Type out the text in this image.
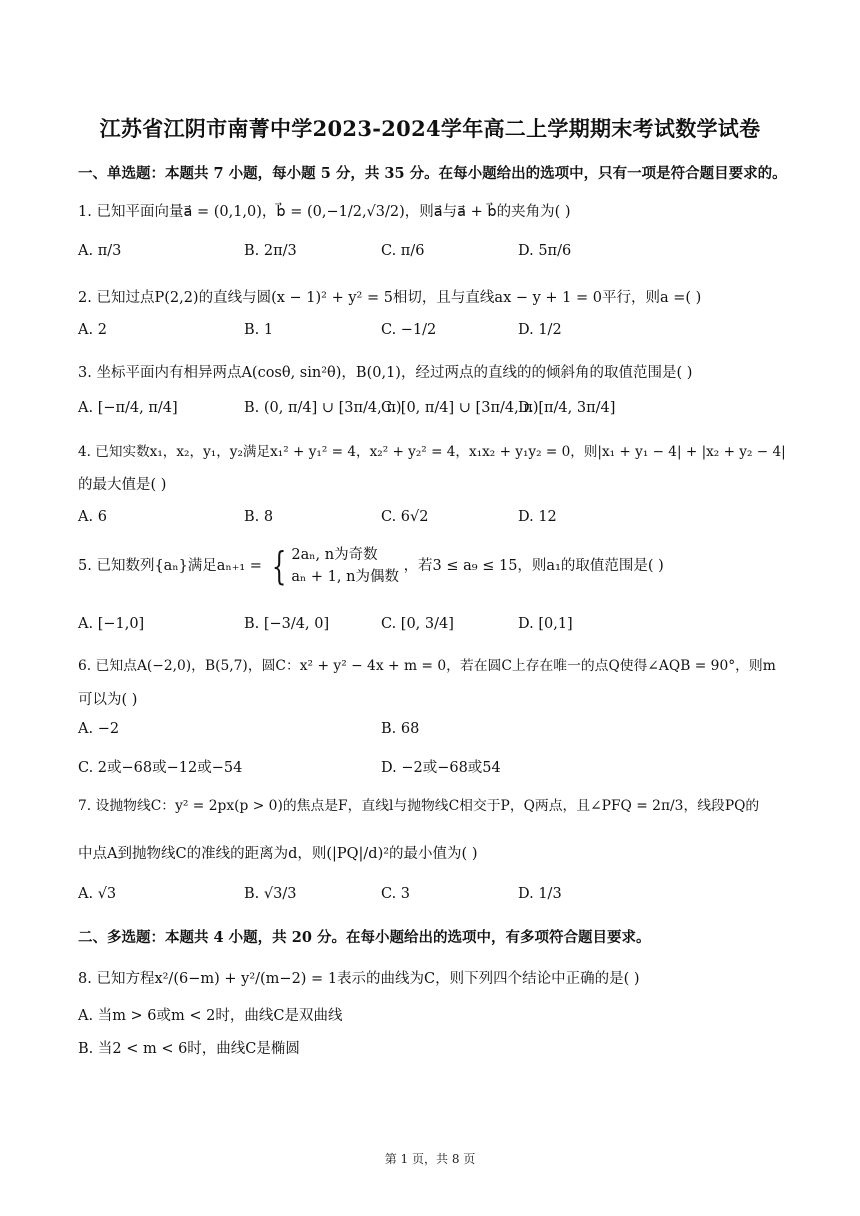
江苏省江阴市南菁中学2023-2024学年高二上学期期末考试数学试卷
一、单选题：本题共 7 小题，每小题 5 分，共 35 分。在每小题给出的选项中，只有一项是符合题目要求的。
1. 已知平面向量a⃗ = (0,1,0)，b⃗ = (0,−1/2,√3/2)，则a⃗与a⃗ + b⃗的夹角为( )
A. π/3	B. 2π/3	C. π/6	D. 5π/6
2. 已知过点P(2,2)的直线与圆(x − 1)² + y² = 5相切，且与直线ax − y + 1 = 0平行，则a =( )
A. 2	B. 1	C. −1/2	D. 1/2
3. 坐标平面内有相异两点A(cosθ, sin²θ)，B(0,1)，经过两点的直线的的倾斜角的取值范围是( )
A. [−π/4, π/4]	B. (0, π/4] ∪ [3π/4, π)
C. [0, π/4] ∪ [3π/4, π)
D. [π/4, 3π/4]
4. 已知实数x₁，x₂，y₁，y₂满足x₁² + y₁² = 4，x₂² + y₂² = 4，x₁x₂ + y₁y₂ = 0，则|x₁ + y₁ − 4| + |x₂ + y₂ − 4|
的最大值是( )
A. 6	B. 8	C. 6√2	D. 12
5. 已知数列{aₙ}满足aₙ₊₁ = { 2aₙ, n为奇数
aₙ + 1, n为偶数
，若3 ≤ a₉ ≤ 15，则a₁的取值范围是( )
A. [−1,0]	B. [−3/4, 0]	C. [0, 3/4]	D. [0,1]
6. 已知点A(−2,0)，B(5,7)，圆C：x² + y² − 4x + m = 0，若在圆C上存在唯一的点Q使得∠AQB = 90°，则m
可以为( )
A. −2	B. 68
C. 2或−68或−12或−54	D. −2或−68或54
7. 设抛物线C：y² = 2px(p > 0)的焦点是F，直线l与抛物线C相交于P，Q两点，且∠PFQ = 2π/3，线段PQ的
中点A到抛物线C的准线的距离为d，则(|PQ|/d)²的最小值为( )
A. √3	B. √3/3	C. 3	D. 1/3
二、多选题：本题共 4 小题，共 20 分。在每小题给出的选项中，有多项符合题目要求。
8. 已知方程x²/(6−m) + y²/(m−2) = 1表示的曲线为C，则下列四个结论中正确的是( )
A. 当m > 6或m < 2时，曲线C是双曲线
B. 当2 < m < 6时，曲线C是椭圆
第 1 页，共 8 页
